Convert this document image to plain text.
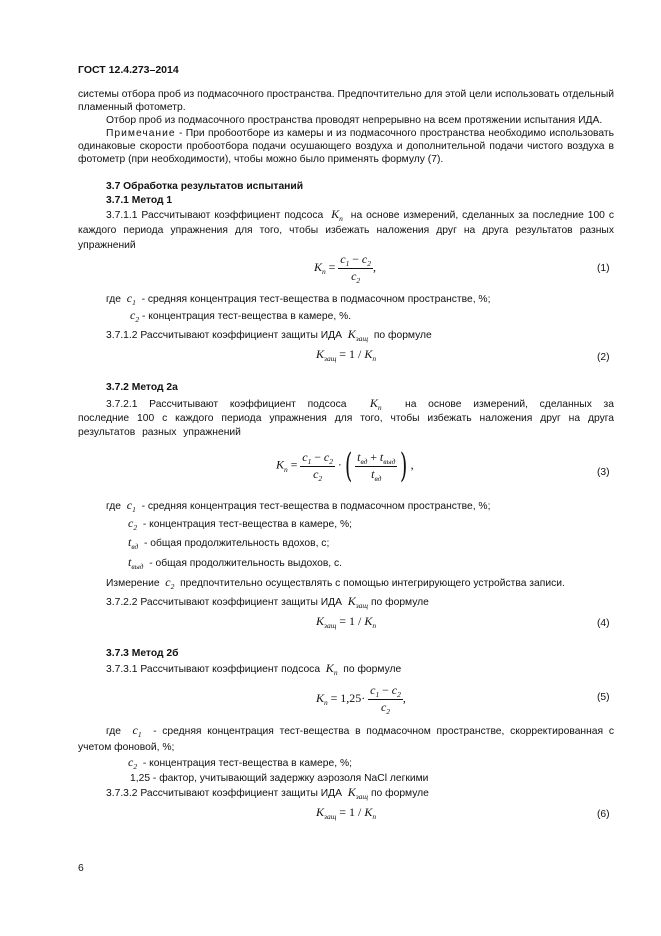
ГОСТ 12.4.273–2014

системы отбора проб из подмасочного пространства. Предпочтительно для этой цели использовать отдельный пламенный фотометр.

Отбор проб из подмасочного пространства проводят непрерывно на всем протяжении испытания ИДА.

Примечание - При пробоотборе из камеры и из подмасочного пространства необходимо использовать одинаковые скорости пробоотбора подачи осушающего воздуха и дополнительной подачи чистого воздуха в фотометр (при необходимости), чтобы можно было применять формулу (7).

3.7 Обработка результатов испытаний
3.7.1 Метод 1

3.7.1.1 Рассчитывают коэффициент подсоса $K_п$ на основе измерений, сделанных за последние 100 с каждого периода упражнения для того, чтобы избежать наложения друг на друга результатов разных упражнений

$K_п = \frac{c_1 - c_2}{c_2}$ ,	(1)
где $c_1$ - средняя концентрация тест-вещества в подмасочном пространстве, %;
$c_2$ - концентрация тест-вещества в камере, %.
3.7.1.2 Рассчитывают коэффициент защиты ИДА $K_{защ}$ по формуле
$K_{защ} = 1 / K_п$	(2)
3.7.2 Метод 2а

3.7.2.1 Рассчитывают коэффициент подсоса $K_п$ на основе измерений, сделанных за последние 100 с каждого периода упражнения для того, чтобы избежать наложения друг на друга результатов разных упражнений

$K_п = \frac{c_1 - c_2}{c_2}$ ·( $\frac{t_{вд} + t_{выд}}{t_{вд}}$ ) ,
(3)
где $c_1$ - средняя концентрация тест-вещества в подмасочном пространстве, %;
$c_2$ - концентрация тест-вещества в камере, %;
$t_{вд}$ - общая продолжительность вдохов, с;
$t_{выд}$ - общая продолжительность выдохов, с.
Измерение $c_2$ предпочтительно осуществлять с помощью интегрирующего устройства записи.
3.7.2.2 Рассчитывают коэффициент защиты ИДА $K_{защ}$ по формуле
$K_{защ} = 1 / K_п$	(4)
3.7.3 Метод 2б
3.7.3.1 Рассчитывают коэффициент подсоса $K_п$ по формуле
$K_п = 1,25\cdot \frac{c_1 - c_2}{c_2}$ ,	(5)

где $c_1$ - средняя концентрация тест-вещества в подмасочном пространстве, скорректированная с учетом фоновой, %;

$c_2$ - концентрация тест-вещества в камере, %;
1,25 - фактор, учитывающий задержку аэрозоля NaCl легкими
3.7.3.2 Рассчитывают коэффициент защиты ИДА $K_{защ}$ по формуле
$K_{защ} = 1 / K_п$	(6)
6
